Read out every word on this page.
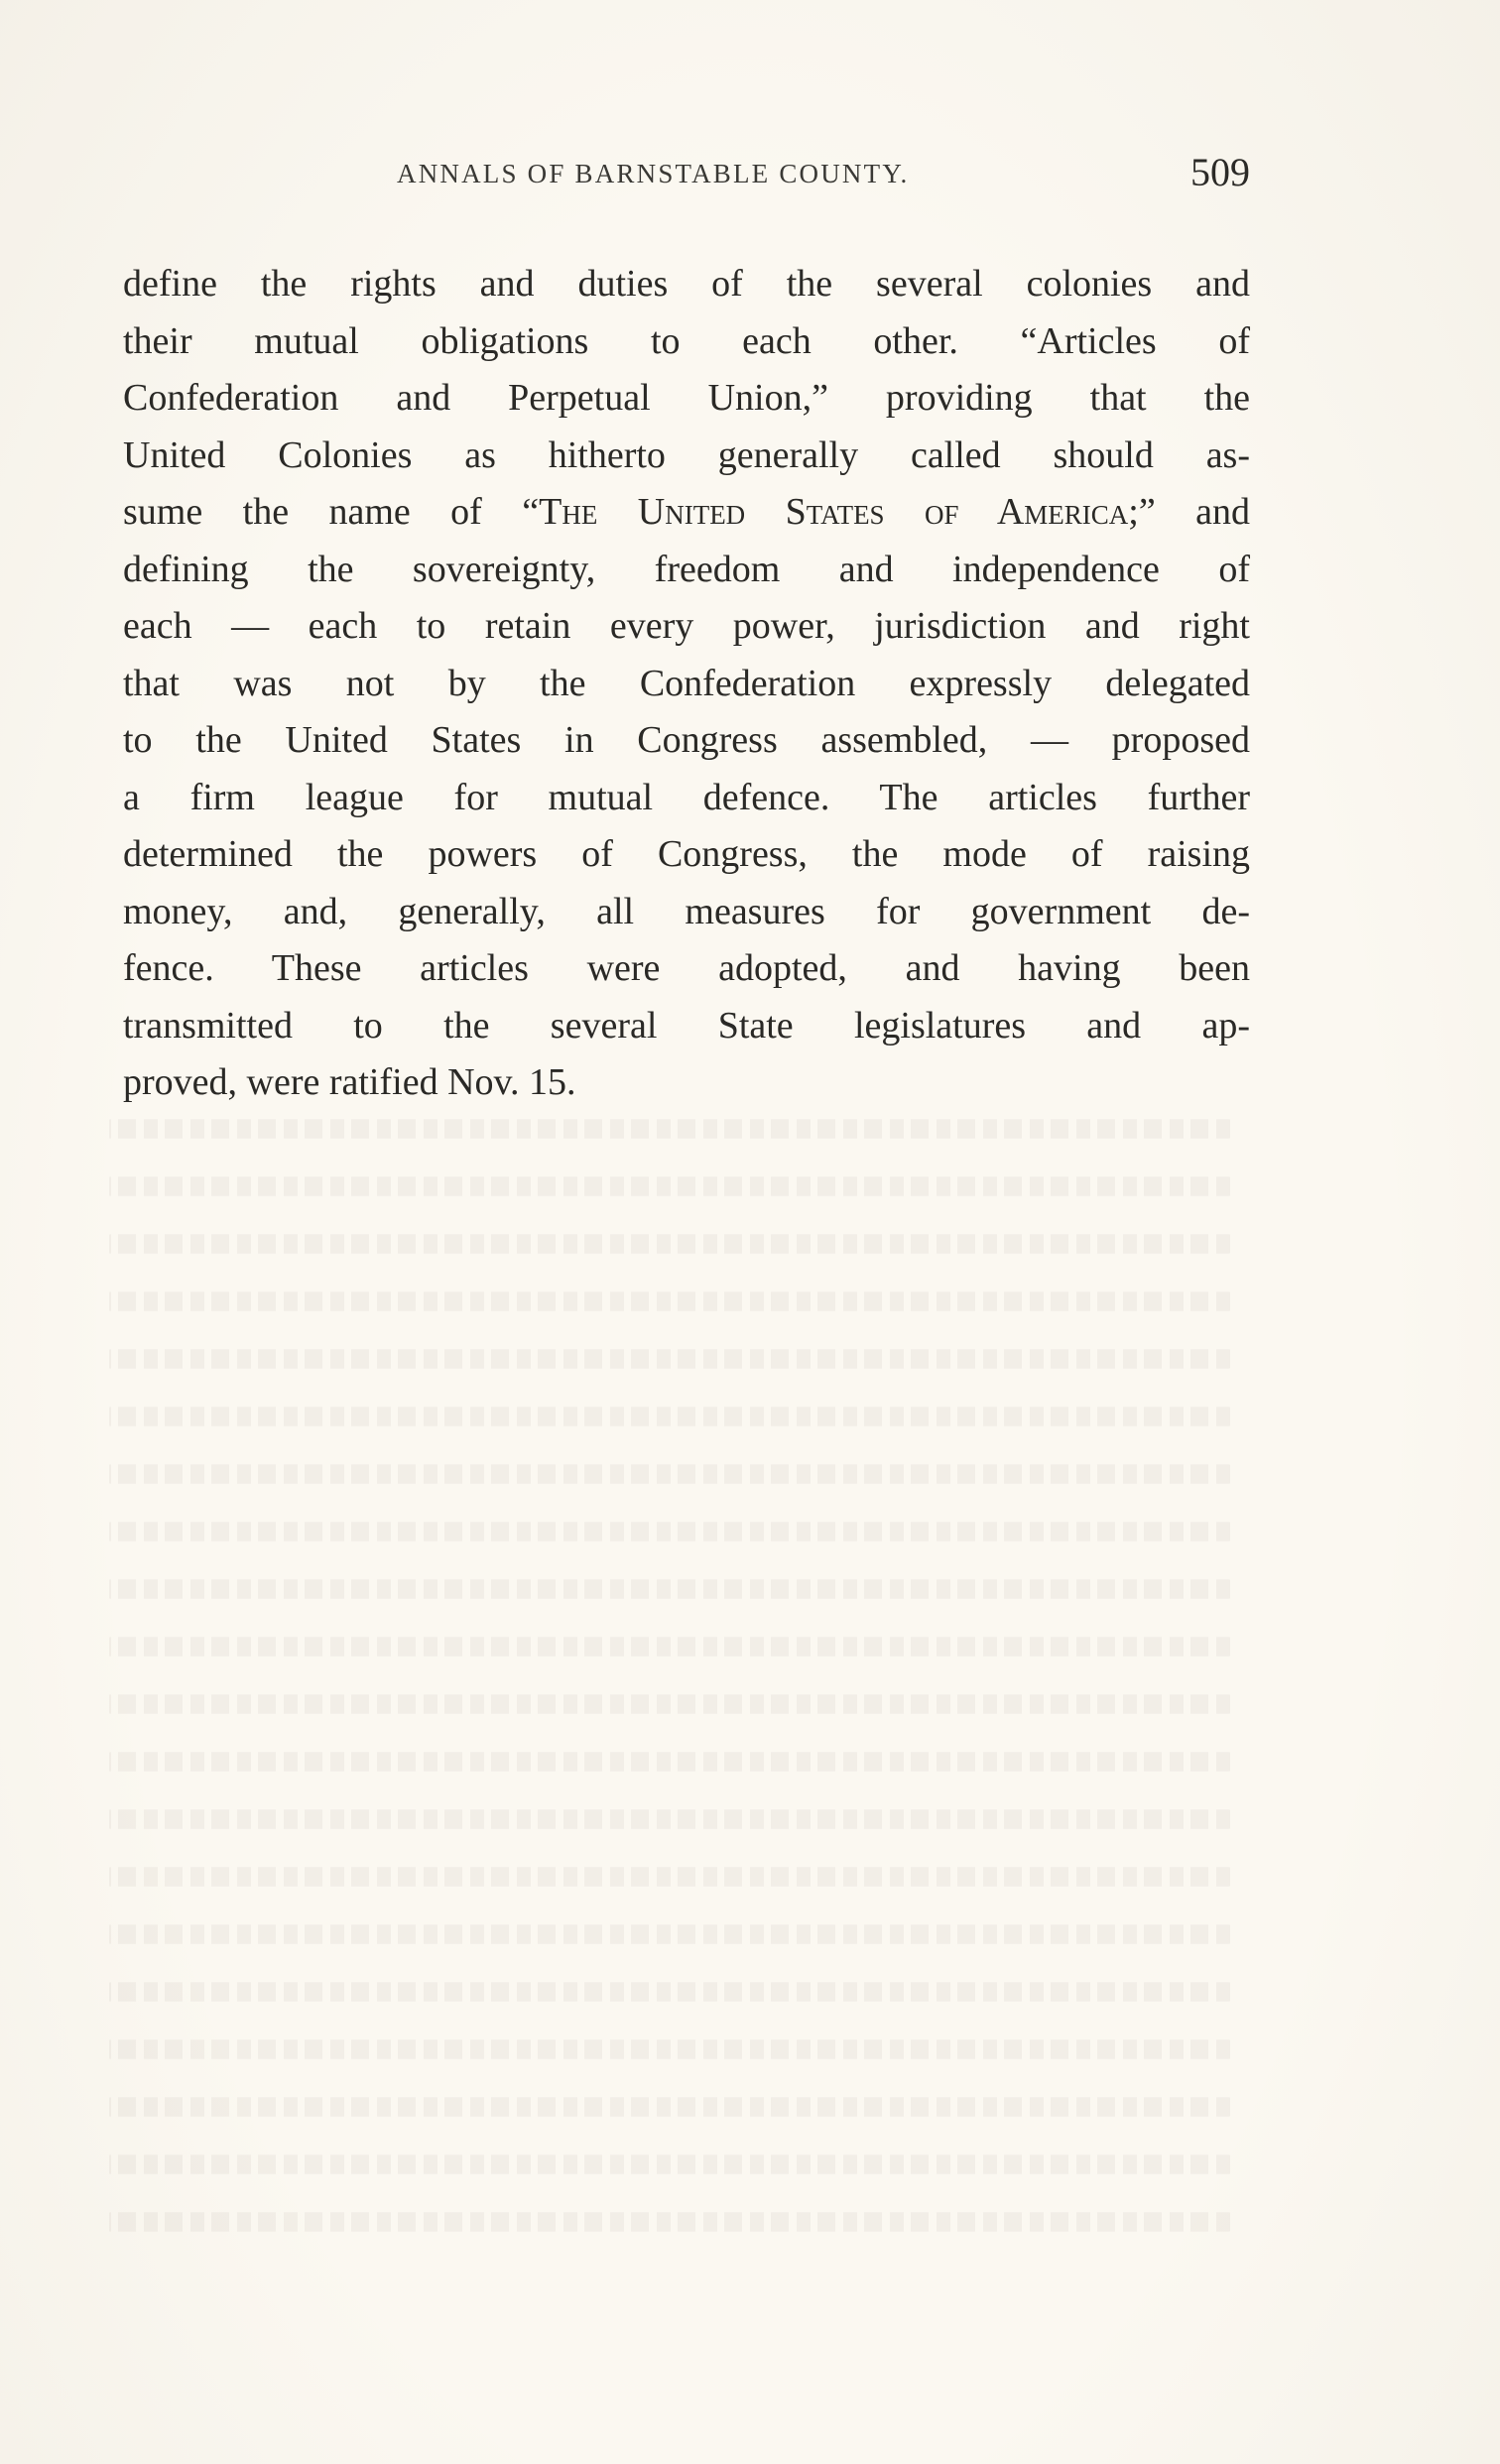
ANNALS OF BARNSTABLE COUNTY.	509
define the rights and duties of the several colonies and
their mutual obligations to each other. “Articles of
Confederation and Perpetual Union,” providing that the
United Colonies as hitherto generally called should as-
sume the name of “The United States of America;” and
defining the sovereignty, freedom and independence of
each — each to retain every power, jurisdiction and right
that was not by the Confederation expressly delegated
to the United States in Congress assembled, — proposed
a firm league for mutual defence. The articles further
determined the powers of Congress, the mode of raising
money, and, generally, all measures for government de-
fence. These articles were adopted, and having been
transmitted to the several State legislatures and ap-
proved, were ratified Nov. 15.
